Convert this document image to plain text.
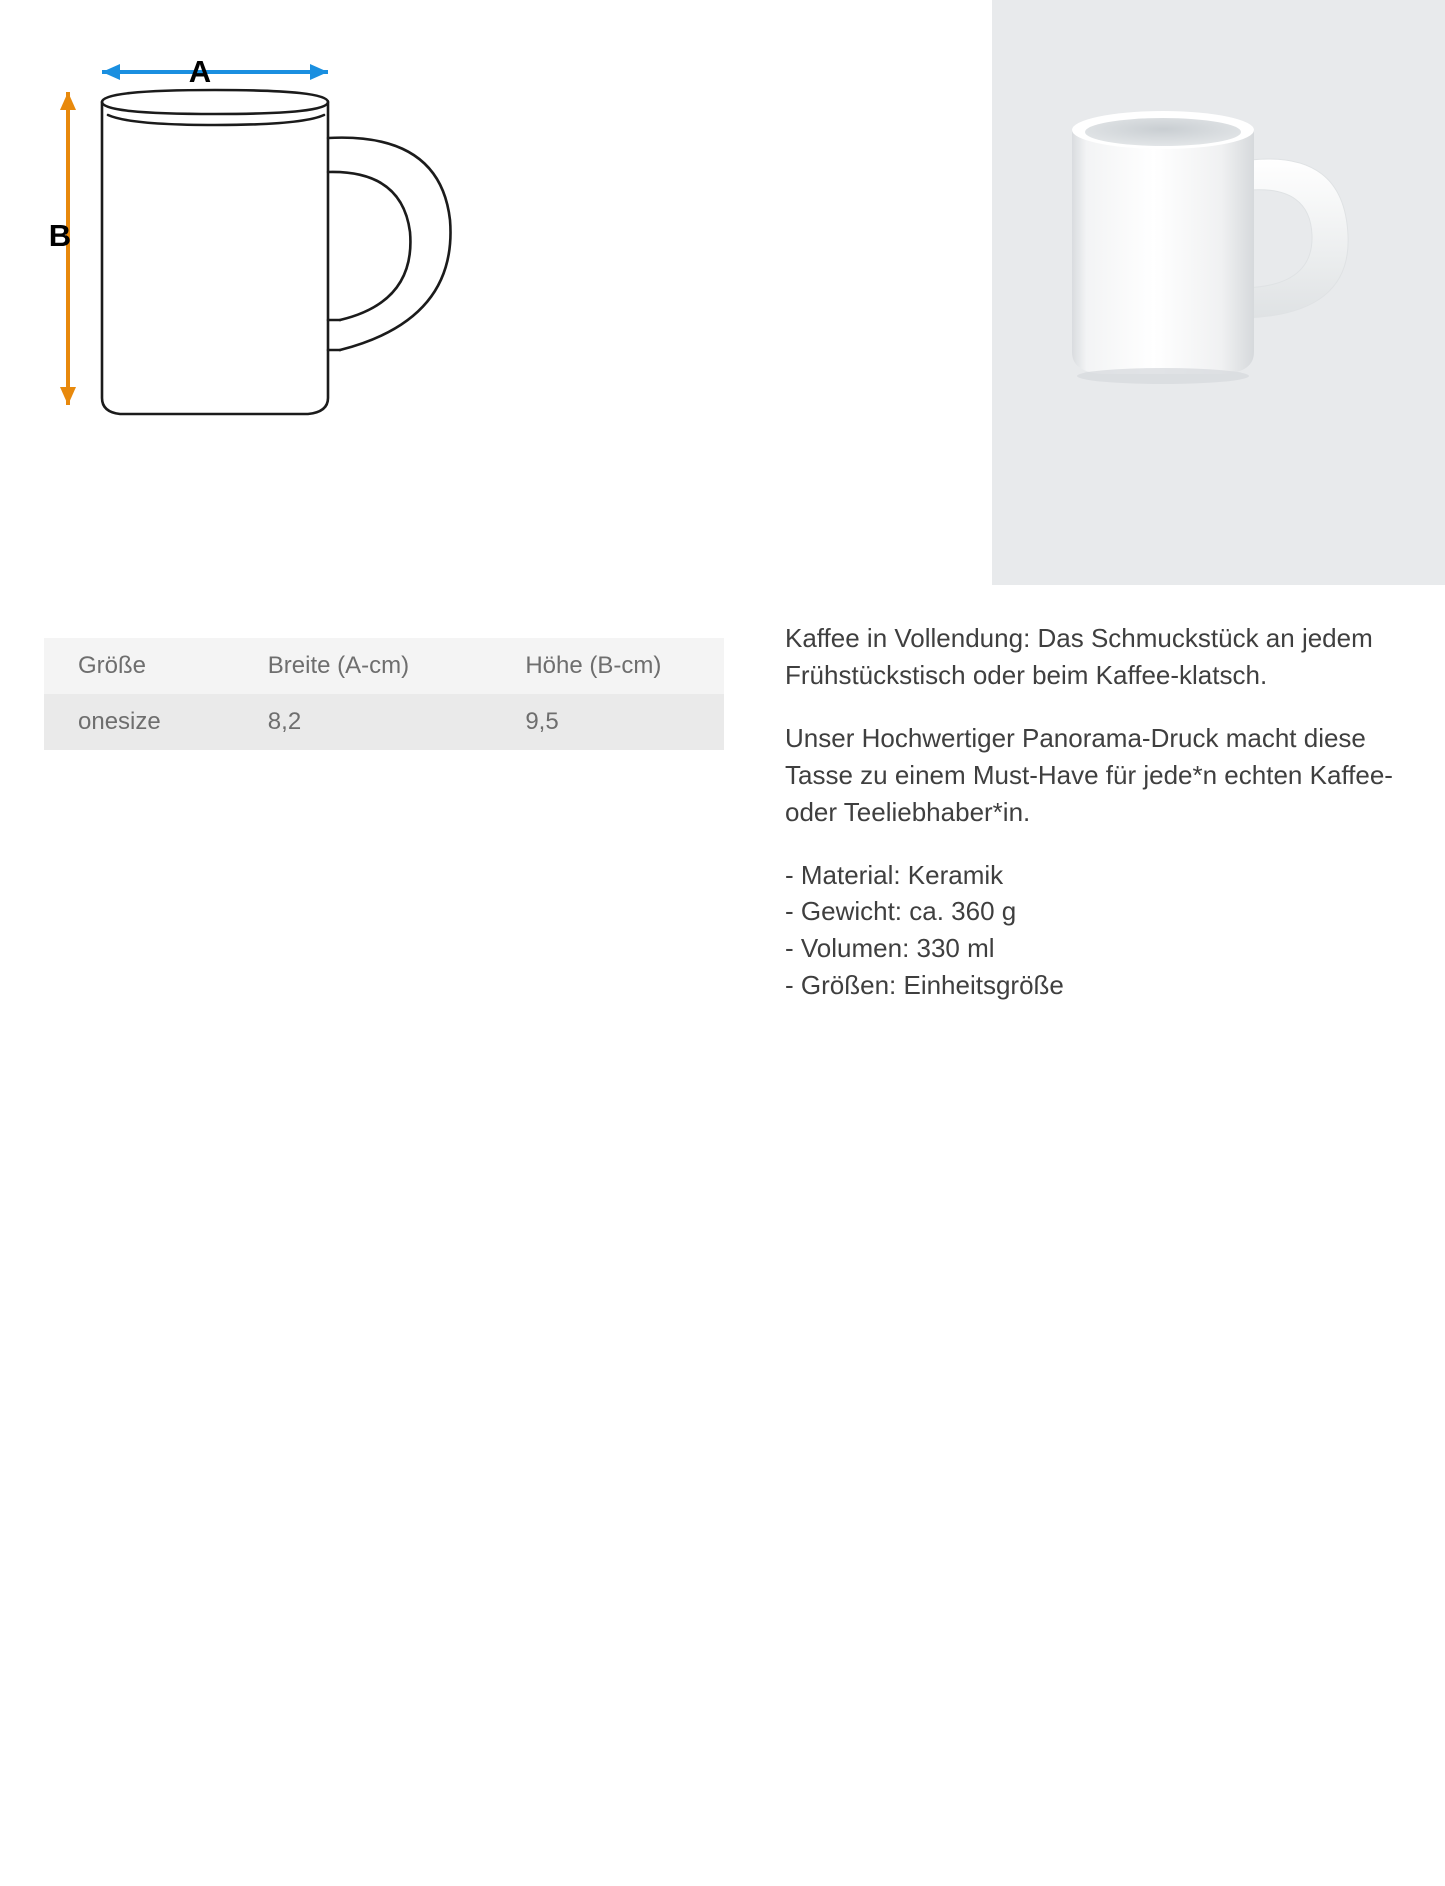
A
B
Größe	Breite (A-cm)	Höhe (B-cm)
onesize	8,2	9,5

Kaffee in Vollendung: Das Schmuckstück an jedem Frühstückstisch oder beim Kaffee-klatsch.

Unser Hochwertiger Panorama-Druck macht diese Tasse zu einem Must-Have für jede*n echten Kaffee- oder Teeliebhaber*in.

- Material: Keramik
- Gewicht: ca. 360 g
- Volumen: 330 ml
- Größen: Einheitsgröße
